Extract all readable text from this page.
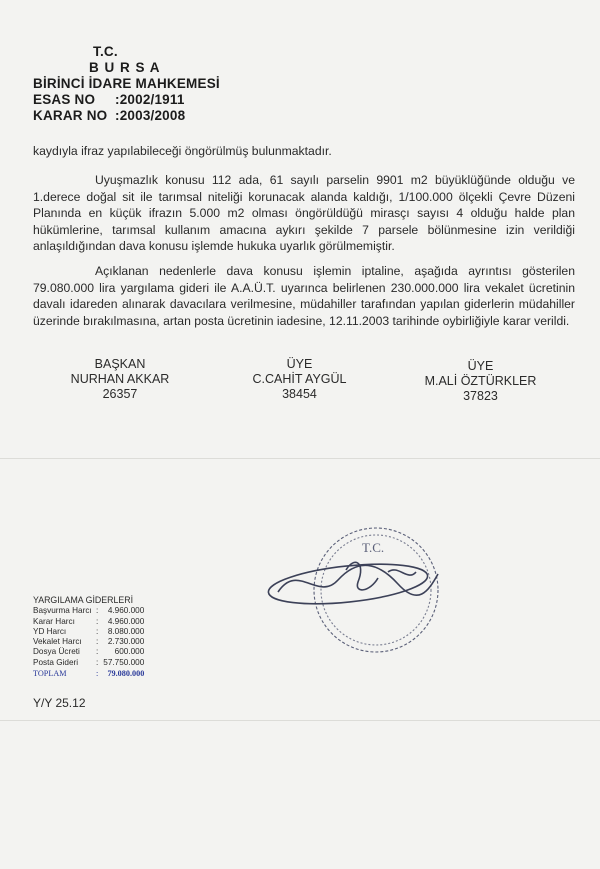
T.C.
B U R S A
BİRİNCİ İDARE MAHKEMESİ
ESAS NO :2002/1911
KARAR NO :2003/2008
kaydıyla ifraz yapılabileceği öngörülmüş bulunmaktadır.

Uyuşmazlık konusu 112 ada, 61 sayılı parselin 9901 m2 büyüklüğünde olduğu ve 1.derece doğal sit ile tarımsal niteliği korunacak alanda kaldığı, 1/100.000 ölçekli Çevre Düzeni Planında en küçük ifrazın 5.000 m2 olması öngörüldüğü mirasçı sayısı 4 olduğu halde plan hükümlerine, tarımsal kullanım amacına aykırı şekilde 7 parsele bölünmesine izin verildiği anlaşıldığından dava konusu işlemde hukuka uyarlık görülmemiştir.

Açıklanan nedenlerle dava konusu işlemin iptaline, aşağıda ayrıntısı gösterilen 79.080.000 lira yargılama gideri ile A.A.Ü.T. uyarınca belirlenen 230.000.000 lira vekalet ücretinin davalı idareden alınarak davacılara verilmesine, müdahiller tarafından yapılan giderlerin müdahiller üzerinde bırakılmasına, artan posta ücretinin iadesine, 12.11.2003 tarihinde oybirliğiyle karar verildi.

BAŞKAN
NURHAN AKKAR
26357
ÜYE
C.CAHİT AYGÜL
38454
ÜYE
M.ALİ ÖZTÜRKLER
37823
T.C.
YARGILAMA GİDERLERİ
Başvurma Harcı :	4.960.000
Karar Harcı	:	4.960.000
YD Harcı	:	8.080.000
Vekalet Harcı	:	2.730.000
Dosya Ücreti	:	600.000
Posta Gideri	: 57.750.000
TOPLAM	:	79.080.000
Y/Y 25.12
